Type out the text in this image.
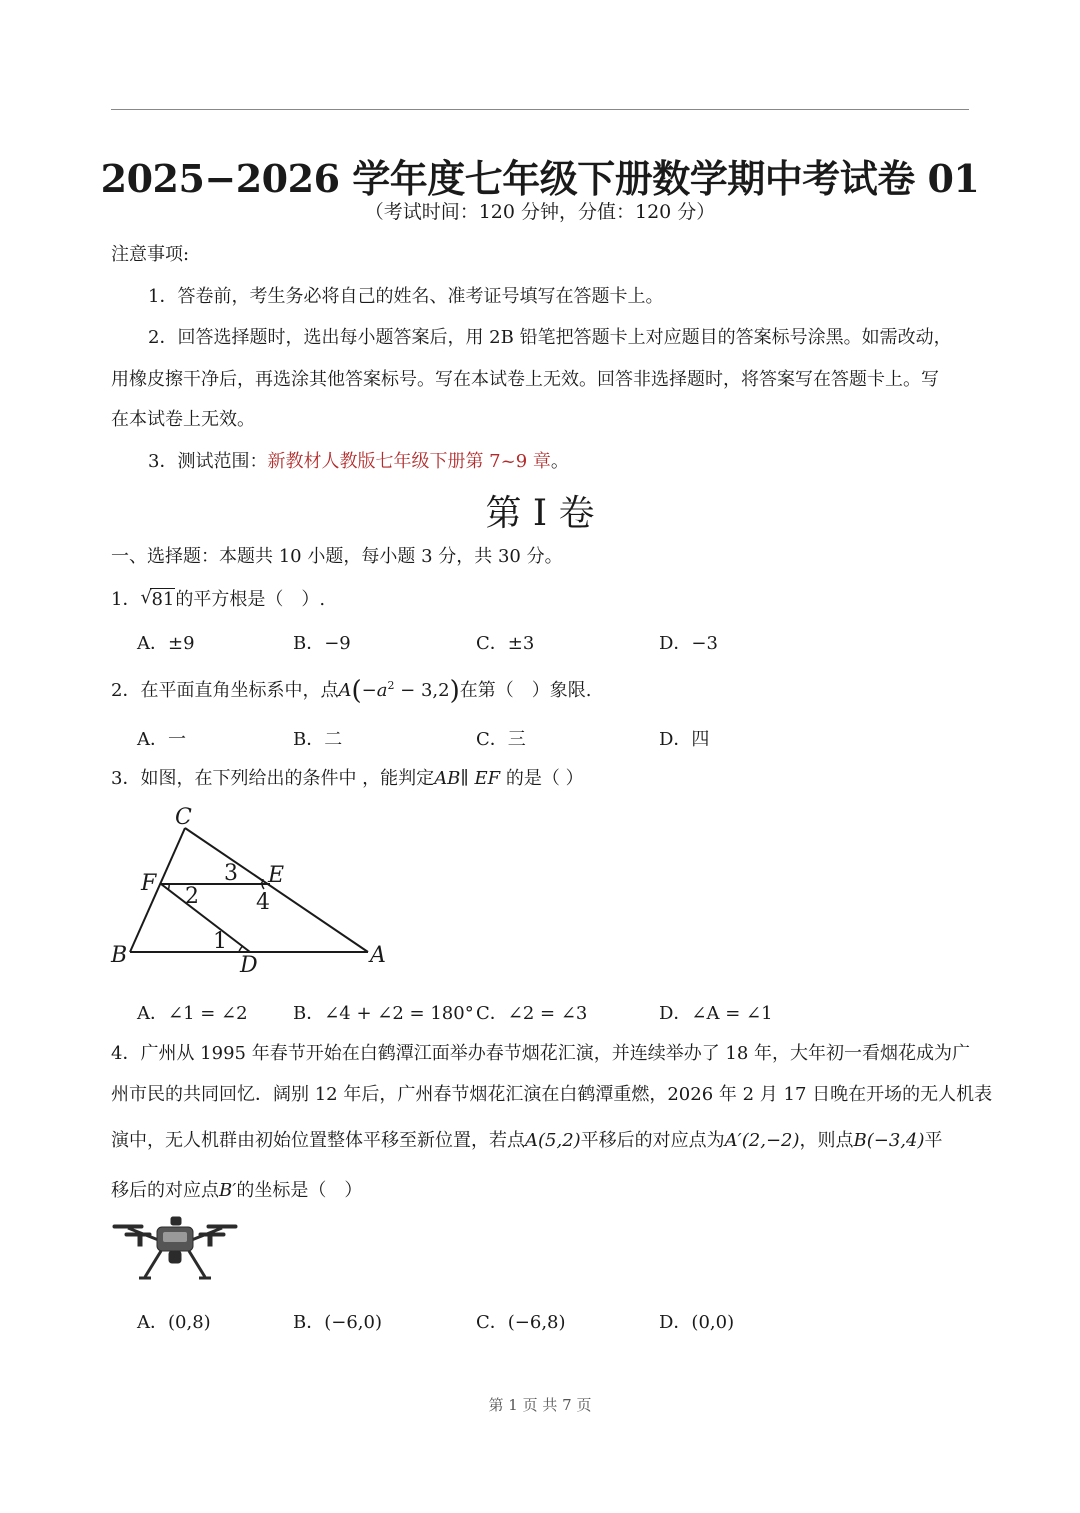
2025−2026 学年度七年级下册数学期中考试卷 01
（考试时间：120 分钟，分值：120 分）
注意事项:
1．答卷前，考生务必将自己的姓名、准考证号填写在答题卡上。
2．回答选择题时，选出每小题答案后，用 2B 铅笔把答题卡上对应题目的答案标号涂黑。如需改动，
用橡皮擦干净后，再选涂其他答案标号。写在本试卷上无效。回答非选择题时，将答案写在答题卡上。写
在本试卷上无效。
3．测试范围：新教材人教版七年级下册第 7~9 章。
第 I 卷
一、选择题：本题共 10 小题，每小题 3 分，共 30 分。
1． √ 81的平方根是（　）.
A．±9	B．−9	C．±3	D．−3
2．在平面直角坐标系中，点$A(-a^2 - 3,2)$在第（　）象限.
A．一	B．二	C．三	D．四
3．如图，在下列给出的条件中 ，能判定AB∥ EF 的是（ ）
C
F	E
B	D	A
1
2
3
4
A．∠1 = ∠2	B．∠4 + ∠2 = 180° C．∠2 = ∠3	D．∠A = ∠1
4．广州从 1995 年春节开始在白鹤潭江面举办春节烟花汇演，并连续举办了 18 年，大年初一看烟花成为广
州市民的共同回忆．阔别 12 年后，广州春节烟花汇演在白鹤潭重燃，2026 年 2 月 17 日晚在开场的无人机表
演中，无人机群由初始位置整体平移至新位置，若点A(5,2)平移后的对应点为A′(2,−2)，则点B(−3,4)平
移后的对应点B′的坐标是（　）
A．(0,8)	B．(−6,0)	C．(−6,8)	D．(0,0)
第 1 页 共 7 页
